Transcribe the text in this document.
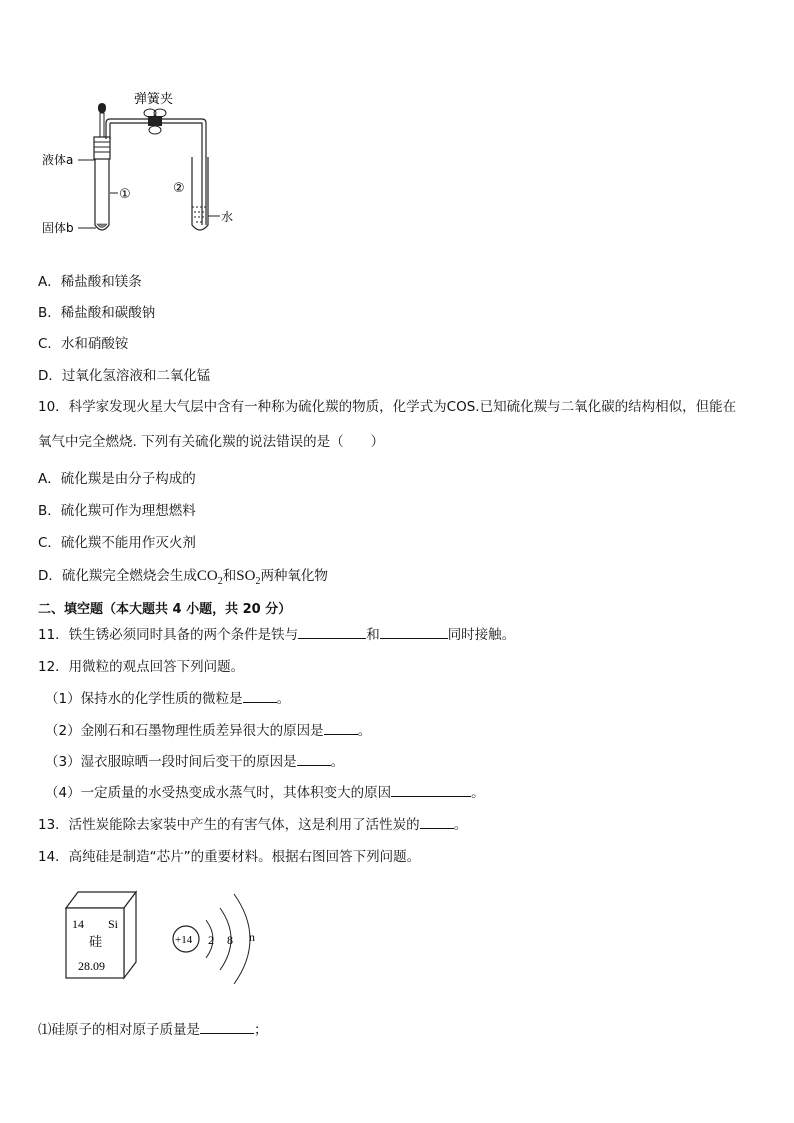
弹簧夹
液体a
固体b
①	②
水
A．稀盐酸和镁条
B．稀盐酸和碳酸钠
C．水和硝酸铵
D．过氧化氢溶液和二氧化锰
10．科学家发现火星大气层中含有一种称为硫化羰的物质，化学式为COS.已知硫化羰与二氧化碳的结构相似，但能在
氧气中完全燃烧. 下列有关硫化羰的说法错误的是（　　）
A．硫化羰是由分子构成的
B．硫化羰可作为理想燃料
C．硫化羰不能用作灭火剂
D．硫化羰完全燃烧会生成$CO_2$和$SO_2$两种氧化物
二、填空题（本大题共 4 小题，共 20 分）
11．铁生锈必须同时具备的两个条件是铁与	和	同时接触。
12．用微粒的观点回答下列问题。
（1）保持水的化学性质的微粒是	。
（2）金刚石和石墨物理性质差异很大的原因是	。
（3）湿衣服晾晒一段时间后变干的原因是	。
（4）一定质量的水受热变成水蒸气时，其体积变大的原因	。
13．活性炭能除去家装中产生的有害气体，这是利用了活性炭的	。
14．高纯硅是制造“芯片”的重要材料。根据右图回答下列问题。
14 Si
硅
28.09
+14 2 8 n
⑴硅原子的相对原子质量是	；
